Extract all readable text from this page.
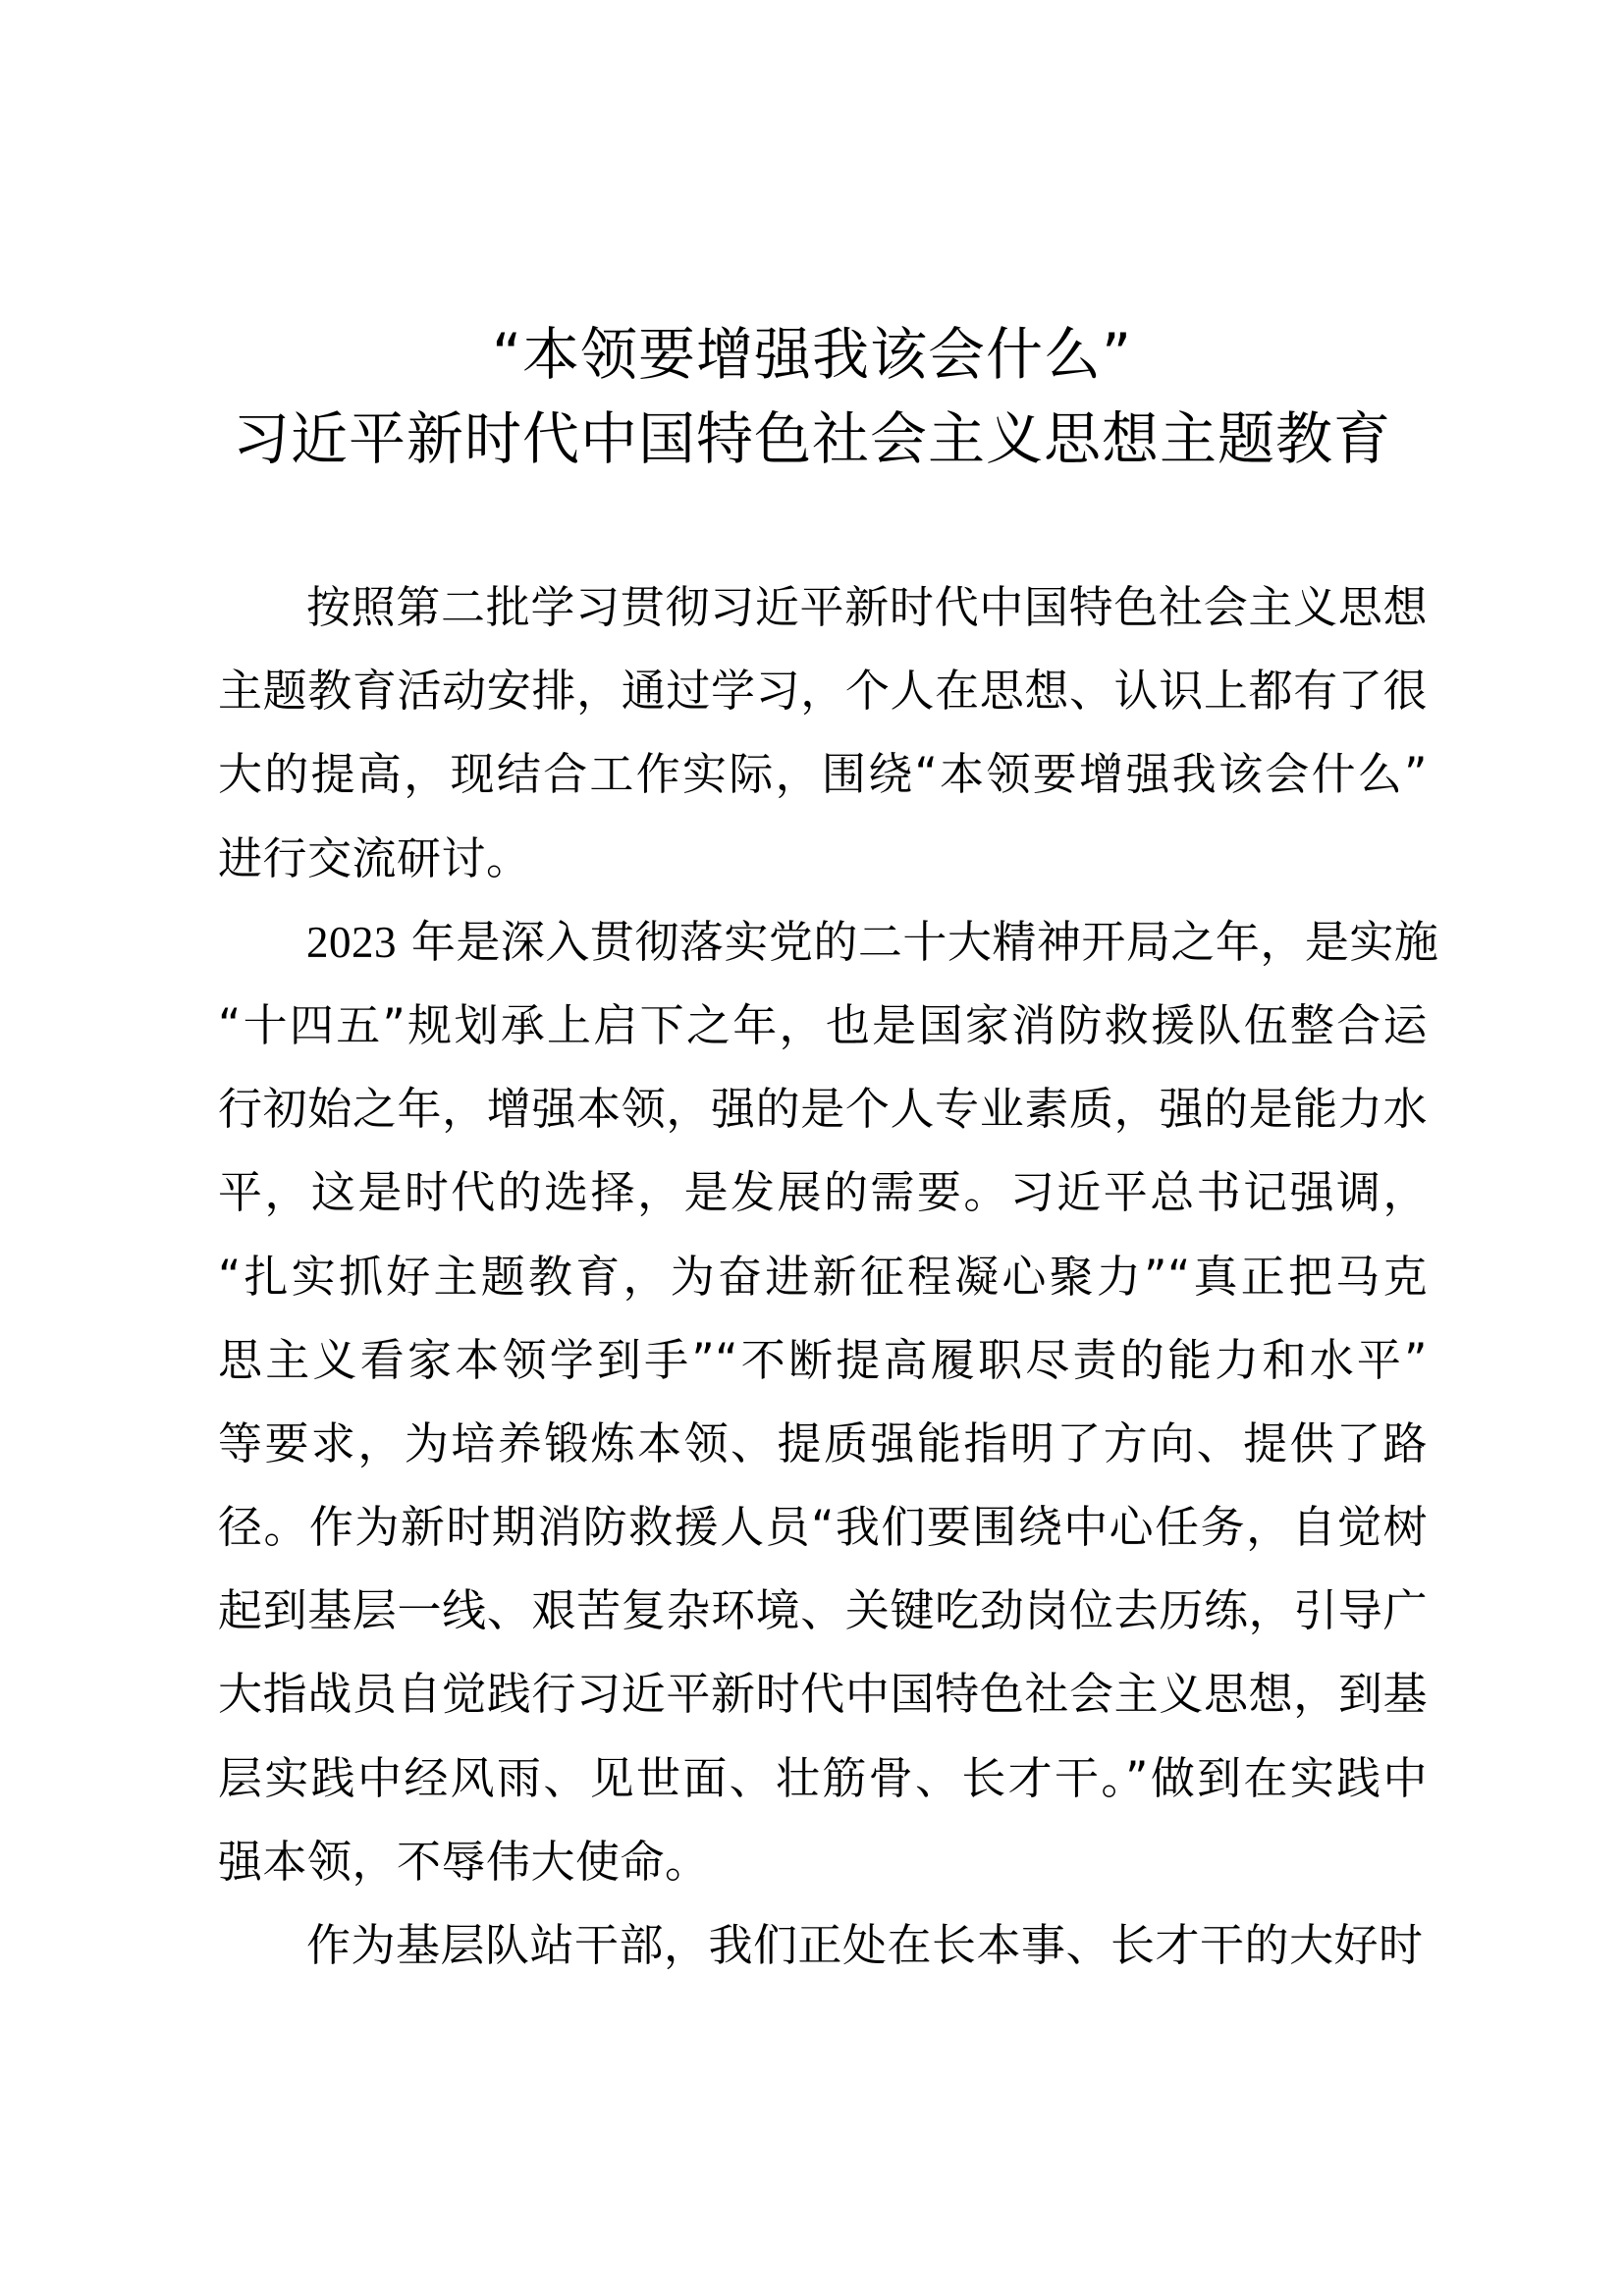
“本领要增强我该会什么”
习近平新时代中国特色社会主义思想主题教育
按照第二批学习贯彻习近平新时代中国特色社会主义思想
主题教育活动安排，通过学习，个人在思想、认识上都有了很
大的提高，现结合工作实际，围绕“本领要增强我该会什么”
进行交流研讨。
2023 年是深入贯彻落实党的二十大精神开局之年，是实施
“十四五”规划承上启下之年，也是国家消防救援队伍整合运
行初始之年，增强本领，强的是个人专业素质，强的是能力水
平，这是时代的选择，是发展的需要。习近平总书记强调，
“扎实抓好主题教育，为奋进新征程凝心聚力”“真正把马克
思主义看家本领学到手”“不断提高履职尽责的能力和水平”
等要求，为培养锻炼本领、提质强能指明了方向、提供了路
径。作为新时期消防救援人员“我们要围绕中心任务，自觉树
起到基层一线、艰苦复杂环境、关键吃劲岗位去历练，引导广
大指战员自觉践行习近平新时代中国特色社会主义思想，到基
层实践中经风雨、见世面、壮筋骨、长才干。”做到在实践中
强本领，不辱伟大使命。
作为基层队站干部，我们正处在长本事、长才干的大好时
